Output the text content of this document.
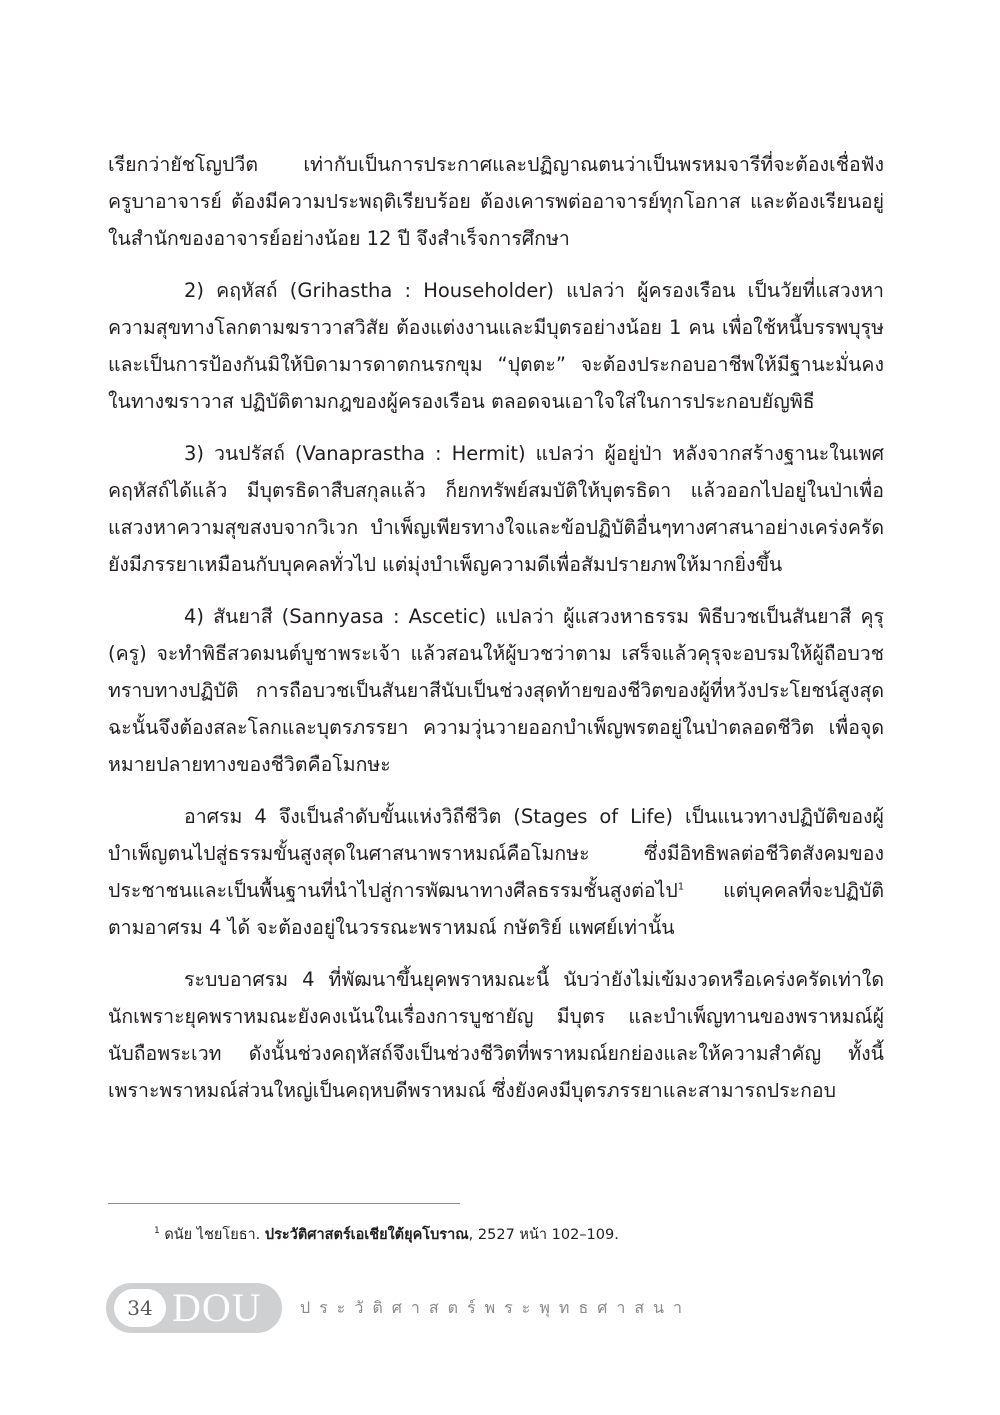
เรียกว่ายัชโญปวีต เท่ากับเป็นการประกาศและปฏิญาณตนว่าเป็นพรหมจารีที่จะต้องเชื่อฟังครูบาอาจารย์ ต้องมีความประพฤติเรียบร้อย ต้องเคารพต่ออาจารย์ทุกโอกาส และต้องเรียนอยู่ในสำนักของอาจารย์อย่างน้อย 12 ปี จึงสำเร็จการศึกษา

2) คฤหัสถ์ (Grihastha : Householder) แปลว่า ผู้ครองเรือน เป็นวัยที่แสวงหาความสุขทางโลกตามฆราวาสวิสัย ต้องแต่งงานและมีบุตรอย่างน้อย 1 คน เพื่อใช้หนี้บรรพบุรุษและเป็นการป้องกันมิให้บิดามารดาตกนรกขุม “ปุตตะ” จะต้องประกอบอาชีพให้มีฐานะมั่นคงในทางฆราวาส ปฏิบัติตามกฎของผู้ครองเรือน ตลอดจนเอาใจใส่ในการประกอบยัญพิธี

3) วนปรัสถ์ (Vanaprastha : Hermit) แปลว่า ผู้อยู่ป่า หลังจากสร้างฐานะในเพศคฤหัสถ์ได้แล้ว มีบุตรธิดาสืบสกุลแล้ว ก็ยกทรัพย์สมบัติให้บุตรธิดา แล้วออกไปอยู่ในป่าเพื่อแสวงหาความสุขสงบจากวิเวก บำเพ็ญเพียรทางใจและข้อปฏิบัติอื่นๆทางศาสนาอย่างเคร่งครัด ยังมีภรรยาเหมือนกับบุคคลทั่วไป แต่มุ่งบำเพ็ญความดีเพื่อสัมปรายภพให้มากยิ่งขึ้น

4) สันยาสี (Sannyasa : Ascetic) แปลว่า ผู้แสวงหาธรรม พิธีบวชเป็นสันยาสี คุรุ (ครู) จะทำพิธีสวดมนต์บูชาพระเจ้า แล้วสอนให้ผู้บวชว่าตาม เสร็จแล้วคุรุจะอบรมให้ผู้ถือบวชทราบทางปฏิบัติ การถือบวชเป็นสันยาสีนับเป็นช่วงสุดท้ายของชีวิตของผู้ที่หวังประโยชน์สูงสุด ฉะนั้นจึงต้องสละโลกและบุตรภรรยา ความวุ่นวายออกบำเพ็ญพรตอยู่ในป่าตลอดชีวิต เพื่อจุดหมายปลายทางของชีวิตคือโมกษะ

อาศรม 4 จึงเป็นลำดับขั้นแห่งวิถีชีวิต (Stages of Life) เป็นแนวทางปฏิบัติของผู้บำเพ็ญตนไปสู่ธรรมขั้นสูงสุดในศาสนาพราหมณ์คือโมกษะ ซึ่งมีอิทธิพลต่อชีวิตสังคมของประชาชนและเป็นพื้นฐานที่นำไปสู่การพัฒนาทางศีลธรรมชั้นสูงต่อไป$^1$ แต่บุคคลที่จะปฏิบัติตามอาศรม 4 ได้ จะต้องอยู่ในวรรณะพราหมณ์ กษัตริย์ แพศย์เท่านั้น

ระบบอาศรม 4 ที่พัฒนาขึ้นยุคพราหมณะนี้ นับว่ายังไม่เข้มงวดหรือเคร่งครัดเท่าใดนักเพราะยุคพราหมณะยังคงเน้นในเรื่องการบูชายัญ มีบุตร และบำเพ็ญทานของพราหมณ์ผู้นับถือพระเวท ดังนั้นช่วงคฤหัสถ์จึงเป็นช่วงชีวิตที่พราหมณ์ยกย่องและให้ความสำคัญ ทั้งนี้เพราะพราหมณ์ส่วนใหญ่เป็นคฤหบดีพราหมณ์ ซึ่งยังคงมีบุตรภรรยาและสามารถประกอบ

$^1$ ดนัย ไชยโยธา. ประวัติศาสตร์เอเชียใต้ยุคโบราณ, 2527 หน้า 102–109.
34 DOU ประวัติศาสตร์พระพุทธศาสนา
